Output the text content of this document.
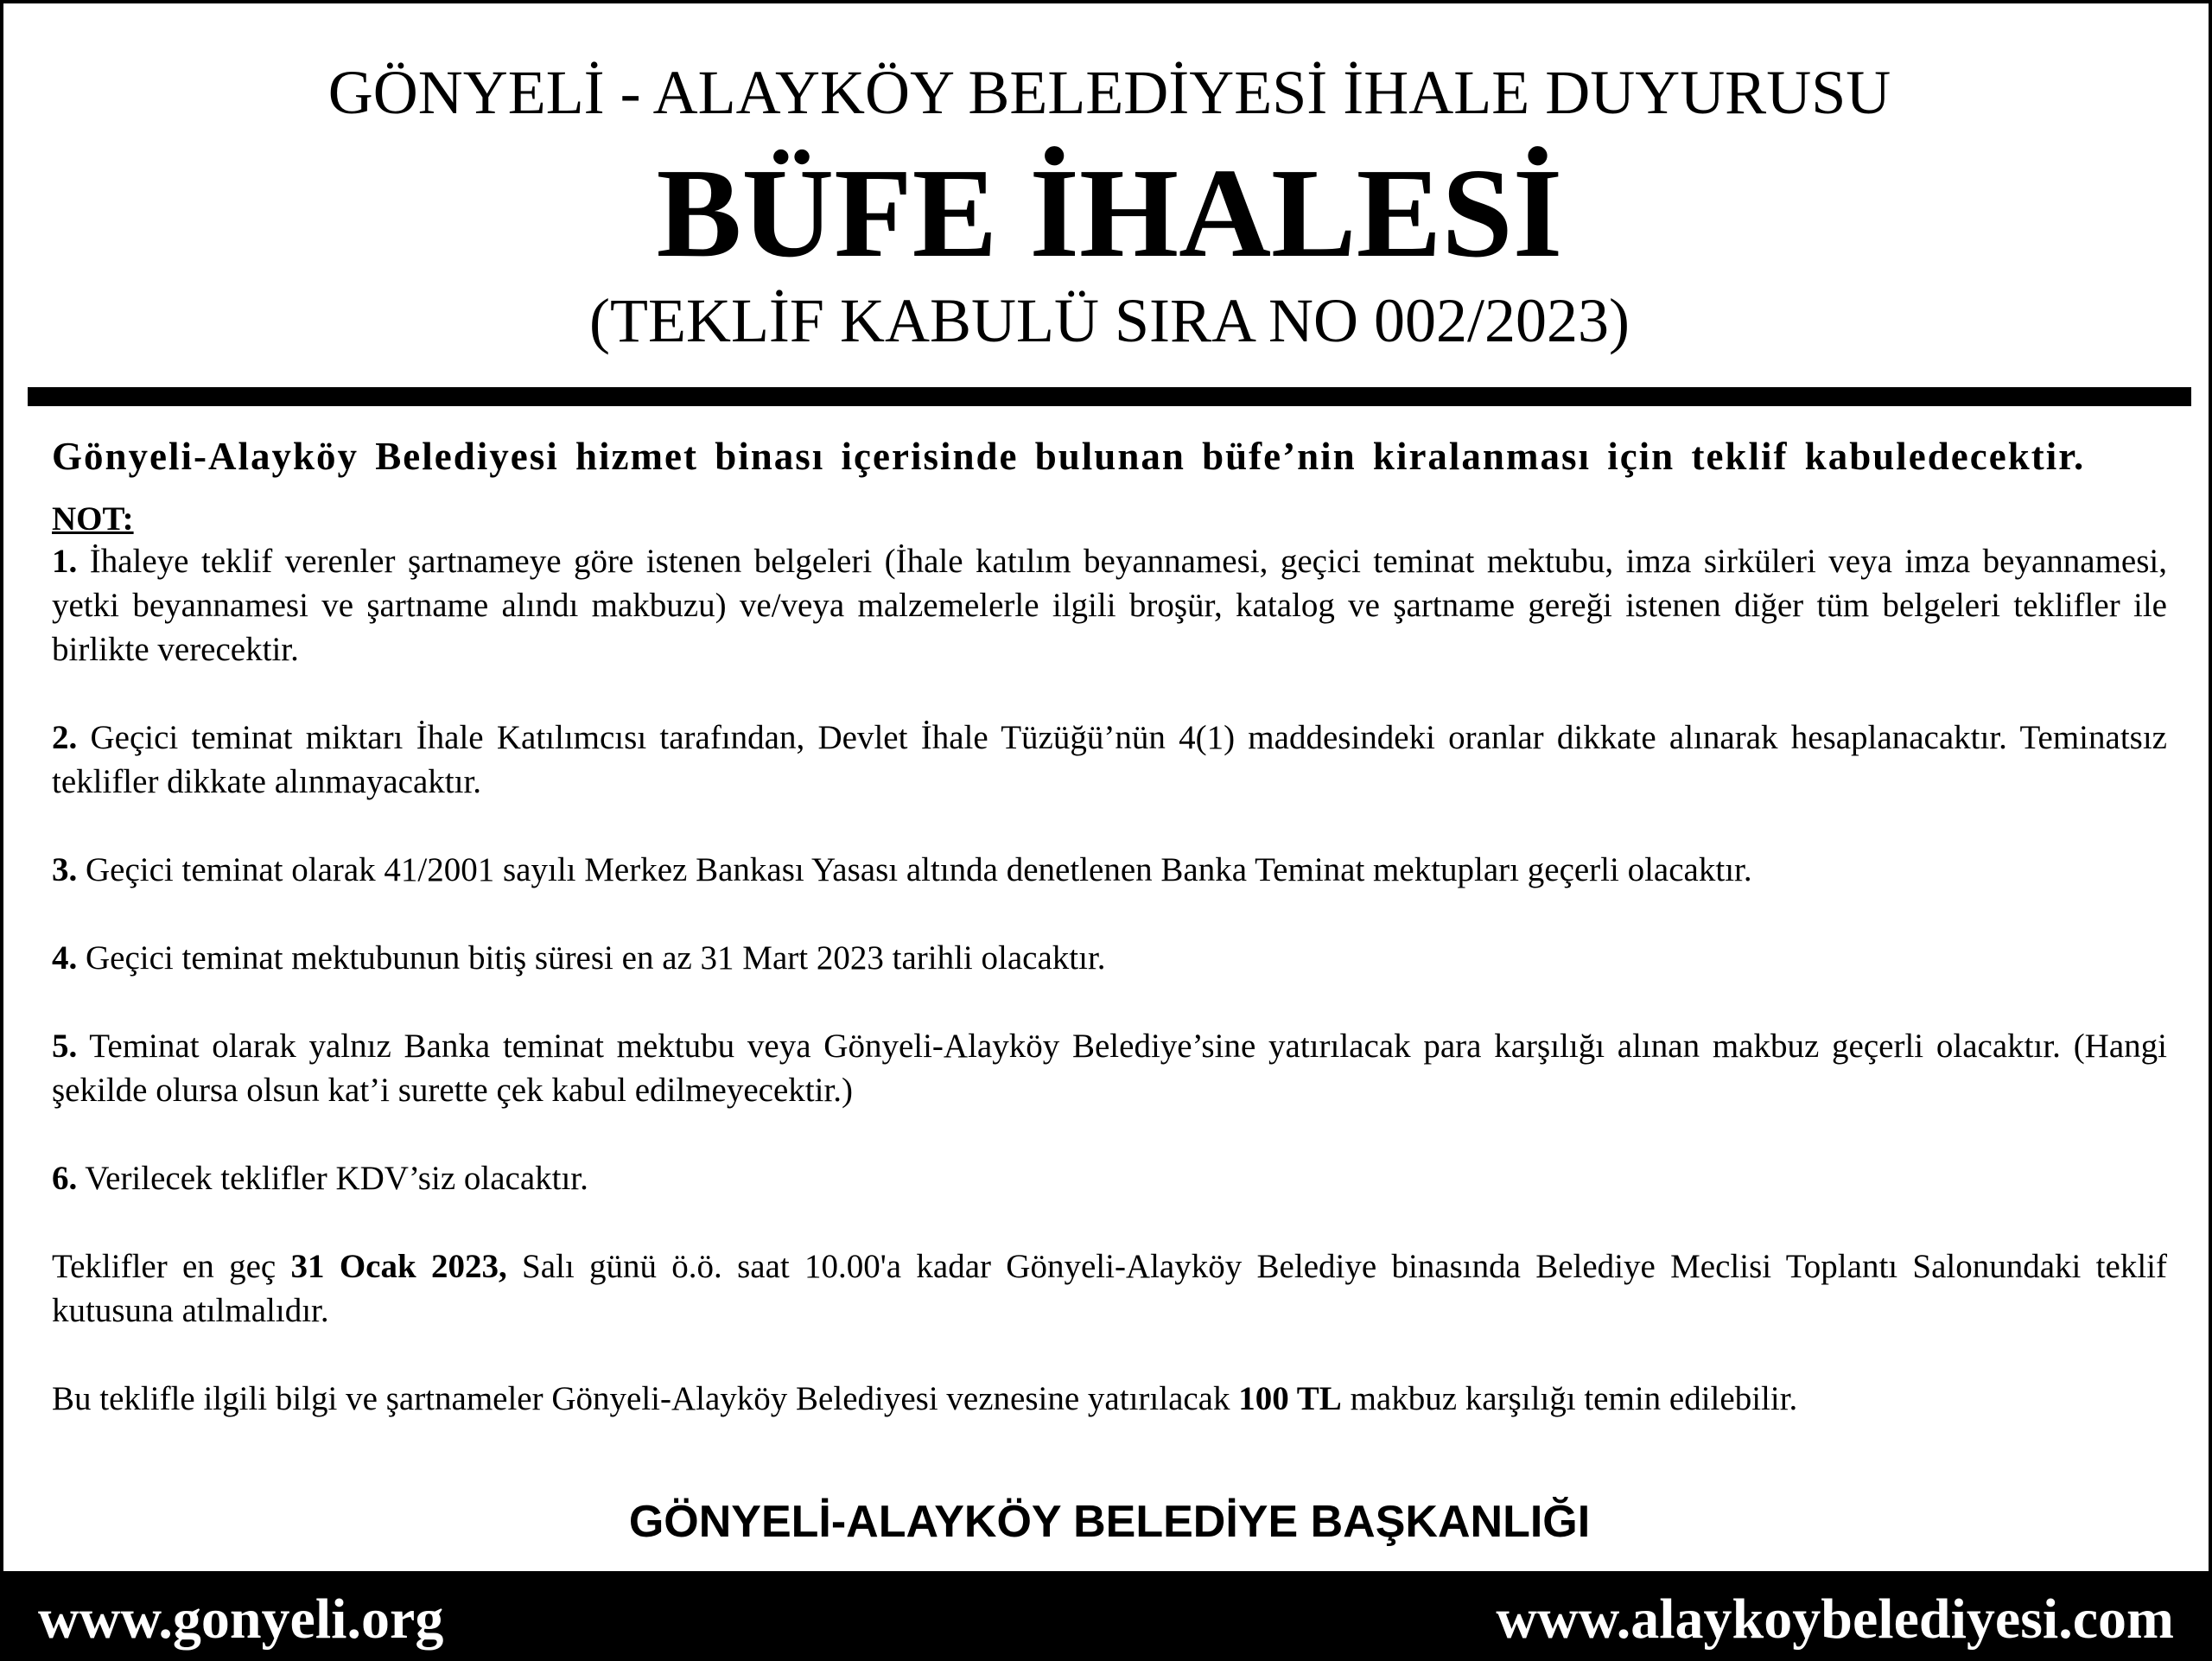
GÖNYELİ - ALAYKÖY BELEDİYESİ İHALE DUYURUSU
BÜFE İHALESİ
(TEKLİF KABULÜ SIRA NO 002/2023)

Gönyeli-Alayköy Belediyesi hizmet binası içerisinde bulunan büfe’nin kiralanması için teklif kabuledecektir.

NOT:

1. İhaleye teklif verenler şartnameye göre istenen belgeleri (İhale katılım beyannamesi, geçici teminat mektubu, imza sirküleri veya imza beyannamesi, yetki beyannamesi ve şartname alındı makbuzu) ve/veya malzemelerle ilgili broşür, katalog ve şartname gereği istenen diğer tüm belgeleri teklifler ile birlikte verecektir.

2. Geçici teminat miktarı İhale Katılımcısı tarafından, Devlet İhale Tüzüğü’nün 4(1) maddesindeki oranlar dikkate alınarak hesaplanacaktır. Teminatsız teklifler dikkate alınmayacaktır.

3. Geçici teminat olarak 41/2001 sayılı Merkez Bankası Yasası altında denetlenen Banka Teminat mektupları geçerli olacaktır.

4. Geçici teminat mektubunun bitiş süresi en az 31 Mart 2023 tarihli olacaktır.

5. Teminat olarak yalnız Banka teminat mektubu veya Gönyeli-Alayköy Belediye’sine yatırılacak para karşılığı alınan makbuz geçerli olacaktır. (Hangi şekilde olursa olsun kat’i surette çek kabul edilmeyecektir.)

6. Verilecek teklifler KDV’siz olacaktır.

Teklifler en geç 31 Ocak 2023, Salı günü ö.ö. saat 10.00'a kadar Gönyeli-Alayköy Belediye binasında Belediye Meclisi Toplantı Salonundaki teklif kutusuna atılmalıdır.

Bu teklifle ilgili bilgi ve şartnameler Gönyeli-Alayköy Belediyesi veznesine yatırılacak 100 TL makbuz karşılığı temin edilebilir.

GÖNYELİ-ALAYKÖY BELEDİYE BAŞKANLIĞI
www.gonyeli.org	www.alaykoybelediyesi.com
